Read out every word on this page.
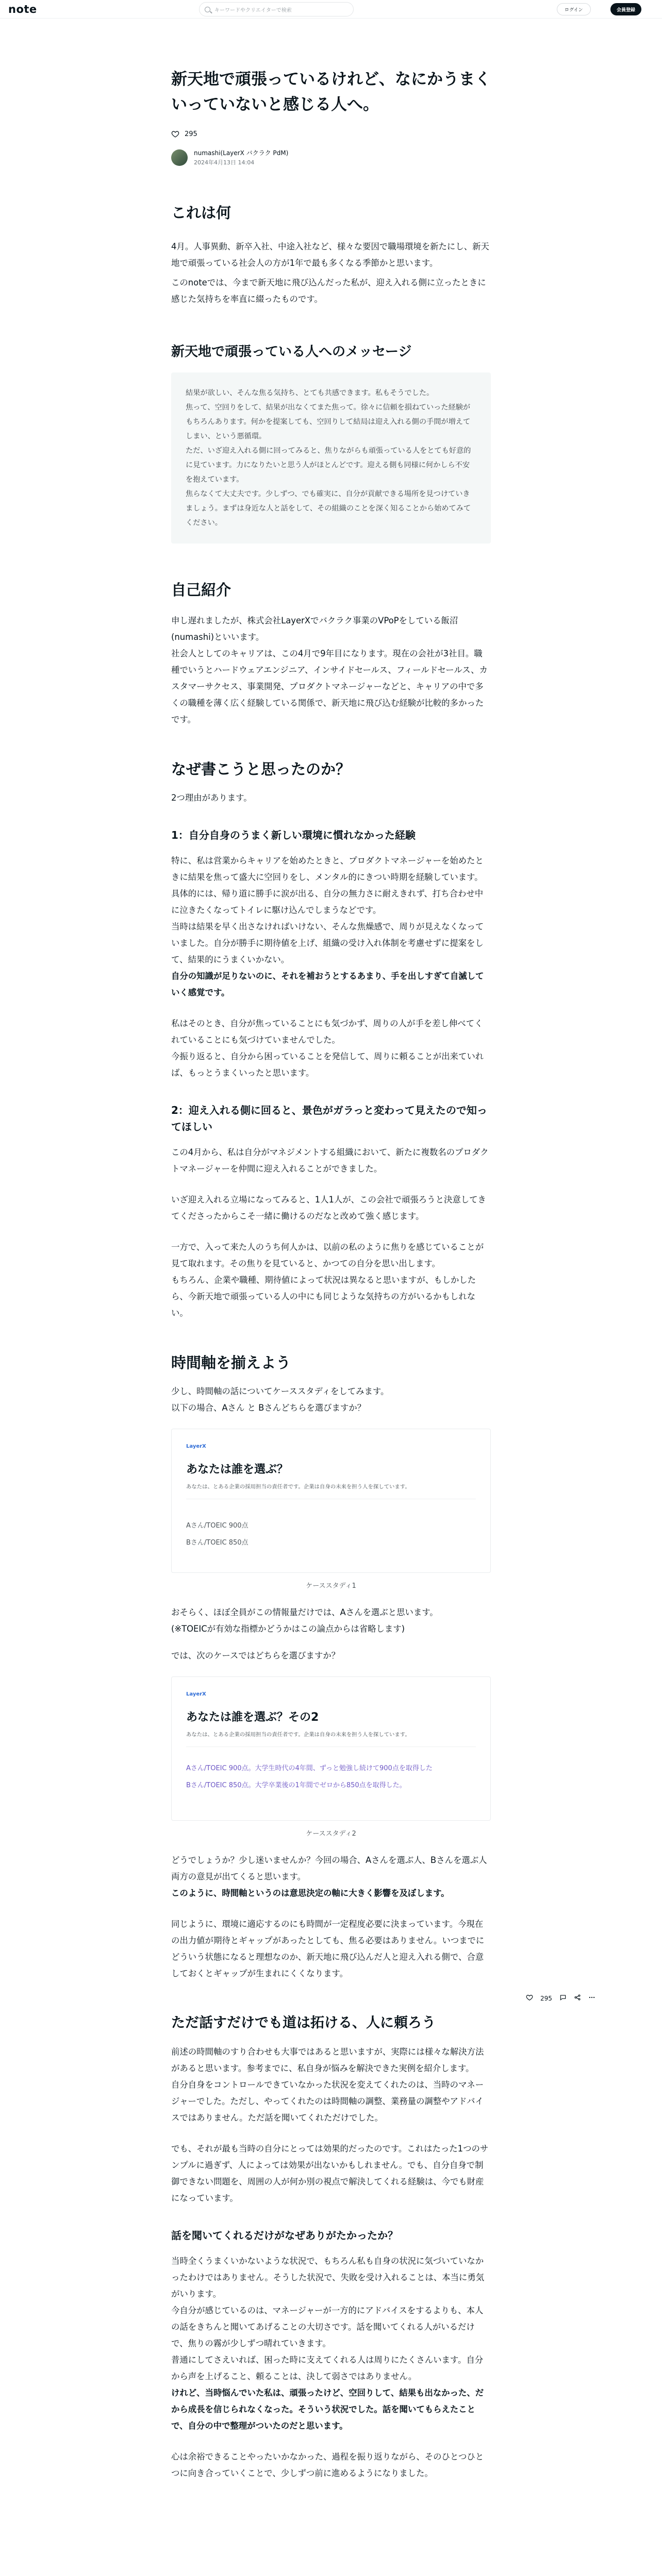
note	キーワードやクリエイターで検索	ログイン	会員登録
新天地で頑張っているけれど、なにかうまくいっていないと感じる人へ。
295
numashi(LayerX バクラク PdM)
2024年4月13日 14:04
これは何

4月。人事異動、新卒入社、中途入社など、様々な要因で職場環境を新たにし、新天地で頑張っている社会人の方が1年で最も多くなる季節かと思います。

このnoteでは、今まで新天地に飛び込んだった私が、迎え入れる側に立ったときに感じた気持ちを率直に綴ったものです。

新天地で頑張っている人へのメッセージ

結果が欲しい、そんな焦る気持ち、とても共感できます。私もそうでした。

焦って、空回りをして、結果が出なくてまた焦って。徐々に信頼を損ねていった経験がもちろんあります。何かを提案しても、空回りして結局は迎え入れる側の手間が増えてしまい、という悪循環。

ただ、いざ迎え入れる側に回ってみると、焦りながらも頑張っている人をとても好意的に見ています。力になりたいと思う人がほとんどです。迎える側も同様に何かしら不安を抱えています。

焦らなくて大丈夫です。少しずつ、でも確実に、自分が貢献できる場所を見つけていきましょう。まずは身近な人と話をして、その組織のことを深く知ることから始めてみてください。

自己紹介

申し遅れましたが、株式会社LayerXでバクラク事業のVPoPをしている飯沼(numashi)といいます。

社会人としてのキャリアは、この4月で9年目になります。現在の会社が3社目。職種でいうとハードウェアエンジニア、インサイドセールス、フィールドセールス、カスタマーサクセス、事業開発、プロダクトマネージャーなどと、キャリアの中で多くの職種を薄く広く経験している関係で、新天地に飛び込む経験が比較的多かったです。

なぜ書こうと思ったのか？

2つ理由があります。

1：自分自身のうまく新しい環境に慣れなかった経験

特に、私は営業からキャリアを始めたときと、プロダクトマネージャーを始めたときに結果を焦って盛大に空回りをし、メンタル的にきつい時期を経験しています。

具体的には、帰り道に勝手に涙が出る、自分の無力さに耐えきれず、打ち合わせ中に泣きたくなってトイレに駆け込んでしまうなどです。

当時は結果を早く出さなければいけない、そんな焦燥感で、周りが見えなくなっていました。自分が勝手に期待値を上げ、組織の受け入れ体制を考慮せずに提案をして、結果的にうまくいかない。

自分の知識が足りないのに、それを補おうとするあまり、手を出しすぎて自滅していく感覚です。

私はそのとき、自分が焦っていることにも気づかず、周りの人が手を差し伸べてくれていることにも気づけていませんでした。

今振り返ると、自分から困っていることを発信して、周りに頼ることが出来ていれば、もっとうまくいったと思います。

2：迎え入れる側に回ると、景色がガラっと変わって見えたので知ってほしい

この4月から、私は自分がマネジメントする組織において、新たに複数名のプロダクトマネージャーを仲間に迎え入れることができました。

いざ迎え入れる立場になってみると、1人1人が、この会社で頑張ろうと決意してきてくださったからこそ一緒に働けるのだなと改めて強く感じます。

一方で、入って来た人のうち何人かは、以前の私のように焦りを感じていることが見て取れます。その焦りを見ていると、かつての自分を思い出します。

もちろん、企業や職種、期待値によって状況は異なると思いますが、もしかしたら、今新天地で頑張っている人の中にも同じような気持ちの方がいるかもしれない。

時間軸を揃えよう

少し、時間軸の話についてケーススタディをしてみます。

以下の場合、Aさん と Bさんどちらを選びますか？

LayerX
あなたは誰を選ぶ？
あなたは、とある企業の採用担当の責任者です。企業は自身の未来を担う人を探しています。
Aさん/TOEIC 900点
Bさん/TOEIC 850点
ケーススタディ1

おそらく、ほぼ全員がこの情報量だけでは、Aさんを選ぶと思います。

(※TOEICが有効な指標かどうかはこの論点からは省略します)

では、次のケースではどちらを選びますか？

LayerX
あなたは誰を選ぶ？その2
あなたは、とある企業の採用担当の責任者です。企業は自身の未来を担う人を探しています。
Aさん/TOEIC 900点。大学生時代の4年間、ずっと勉強し続けて900点を取得した
Bさん/TOEIC 850点。大学卒業後の1年間でゼロから850点を取得した。
ケーススタディ2

どうでしょうか？少し迷いませんか？今回の場合、Aさんを選ぶ人、Bさんを選ぶ人両方の意見が出てくると思います。

このように、時間軸というのは意思決定の軸に大きく影響を及ぼします。

同じように、環境に適応するのにも時間が一定程度必要に決まっています。今現在の出力値が期待とギャップがあったとしても、焦る必要はありません。いつまでにどういう状態になると理想なのか、新天地に飛び込んだ人と迎え入れる側で、合意しておくとギャップが生まれにくくなります。

ただ話すだけでも道は拓ける、人に頼ろう

前述の時間軸のすり合わせも大事ではあると思いますが、実際には様々な解決方法があると思います。参考までに、私自身が悩みを解決できた実例を紹介します。

自分自身をコントロールできていなかった状況を変えてくれたのは、当時のマネージャーでした。ただし、やってくれたのは時間軸の調整、業務量の調整やアドバイスではありません。ただ話を聞いてくれただけでした。

でも、それが最も当時の自分にとっては効果的だったのです。これはたった1つのサンプルに過ぎず、人によっては効果が出ないかもしれません。でも、自分自身で制御できない問題を、周囲の人が何か別の視点で解決してくれる経験は、今でも財産になっています。

話を聞いてくれるだけがなぜありがたかったか？

当時全くうまくいかないような状況で、もちろん私も自身の状況に気づいていなかったわけではありません。そうした状況で、失敗を受け入れることは、本当に勇気がいります。

今自分が感じているのは、マネージャーが一方的にアドバイスをするよりも、本人の話をきちんと聞いてあげることの大切さです。話を聞いてくれる人がいるだけで、焦りの霧が少しずつ晴れていきます。

普通にしてさえいれば、困った時に支えてくれる人は周りにたくさんいます。自分から声を上げること、頼ることは、決して弱さではありません。

けれど、当時悩んでいた私は、頑張ったけど、空回りして、結果も出なかった、だから成長を信じられなくなった。そういう状況でした。話を聞いてもらえたことで、自分の中で整理がついたのだと思います。

心は余裕できることやったいかなかった、過程を振り返りながら、そのひとつひとつに向き合っていくことで、少しずつ前に進めるようになりました。

295
